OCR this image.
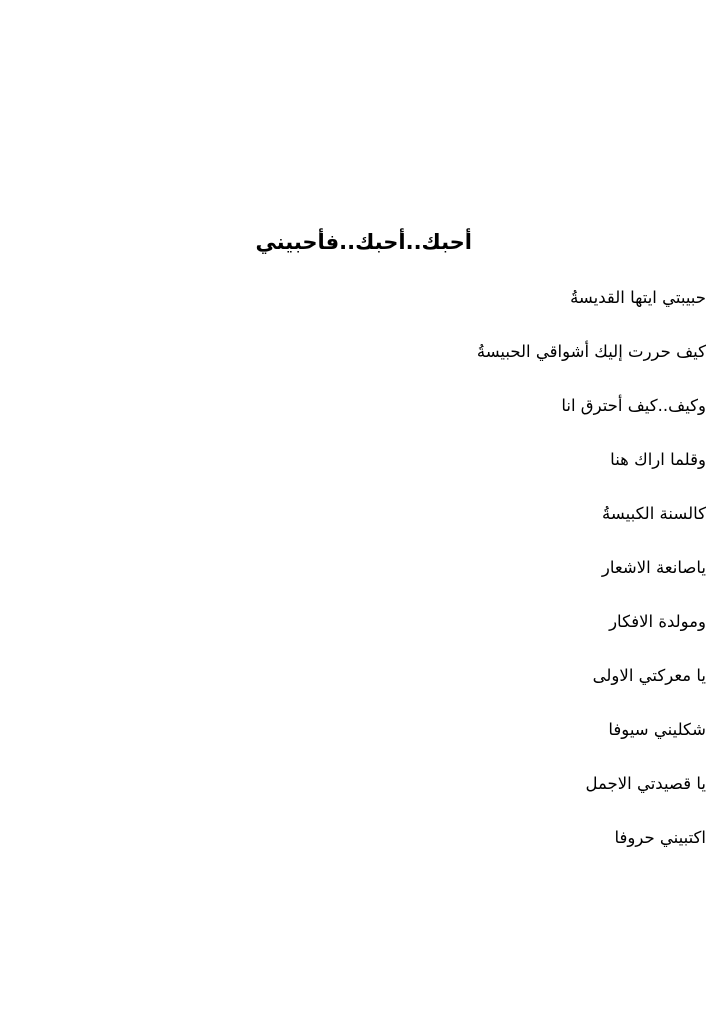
أحبك..أحبك..فأحبيني
حبيبتي ايتها القديسةُ
كيف حررت إليك أشواقي الحبيسةُ
وكيف..كيف أحترق انا
وقلما اراك هنا
كالسنة الكبيسةُ
ياصانعة الاشعار
ومولدة الافكار
يا معركتي الاولى
شكليني سيوفا
يا قصيدتي الاجمل
اكتبيني حروفا
